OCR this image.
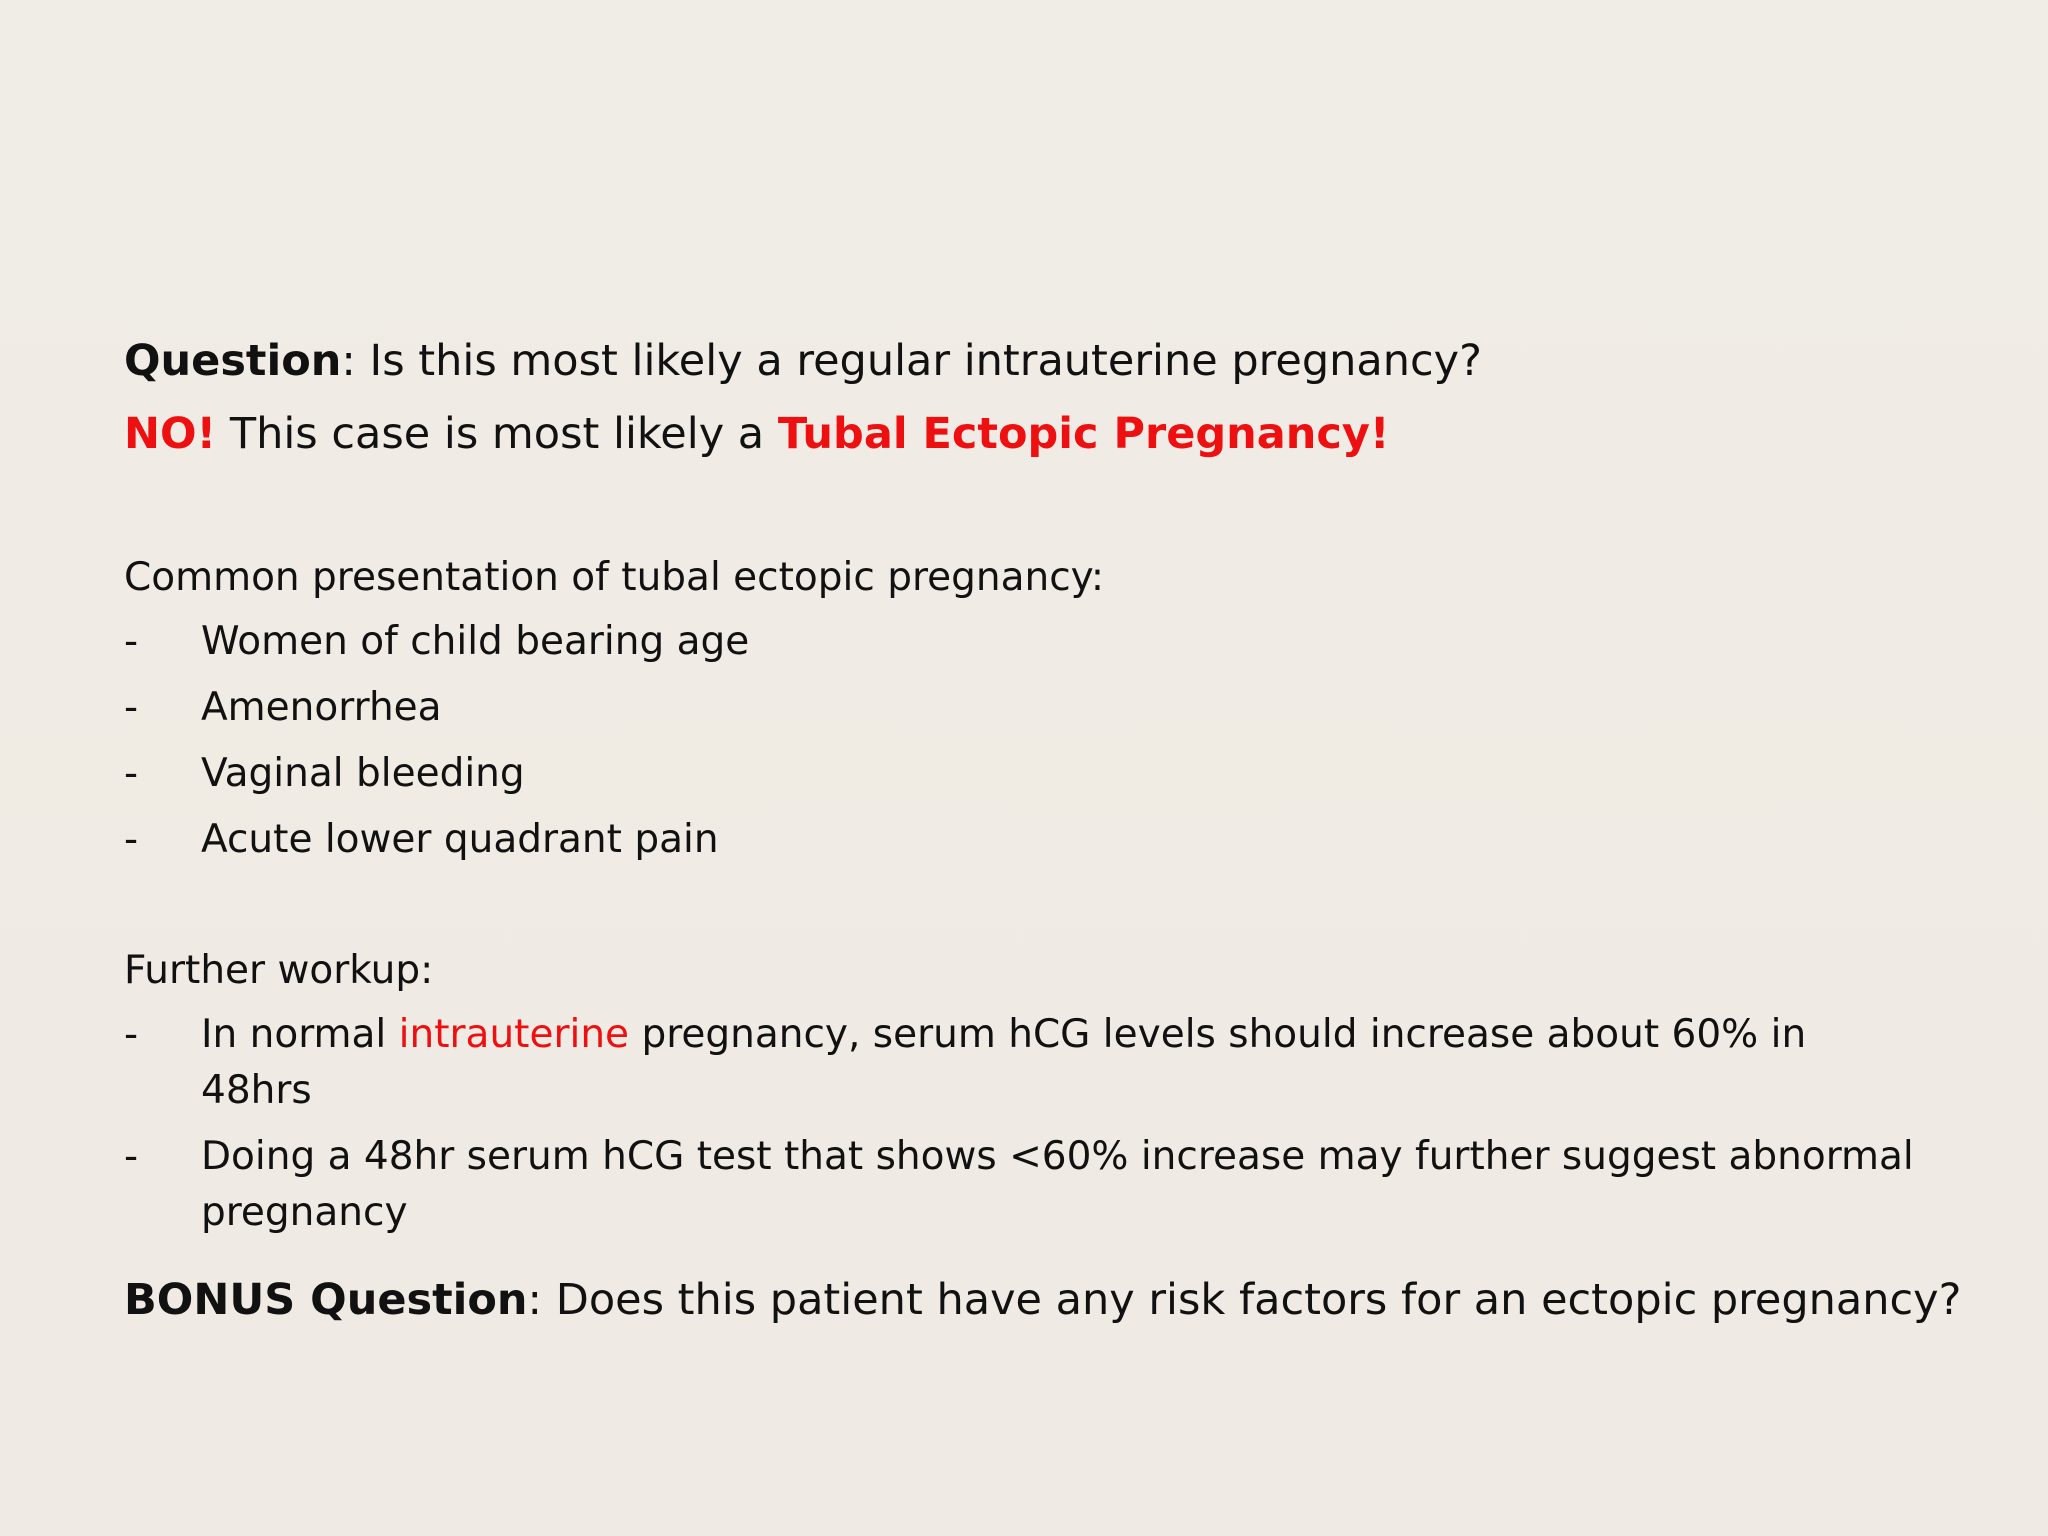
Question: Is this most likely a regular intrauterine pregnancy?
NO! This case is most likely a Tubal Ectopic Pregnancy!
Common presentation of tubal ectopic pregnancy:
- Women of child bearing age
- Amenorrhea
- Vaginal bleeding
- Acute lower quadrant pain
Further workup:
- In normal intrauterine pregnancy, serum hCG levels should increase about 60% in 48hrs
- Doing a 48hr serum hCG test that shows <60% increase may further suggest abnormal pregnancy
BONUS Question: Does this patient have any risk factors for an ectopic pregnancy?
